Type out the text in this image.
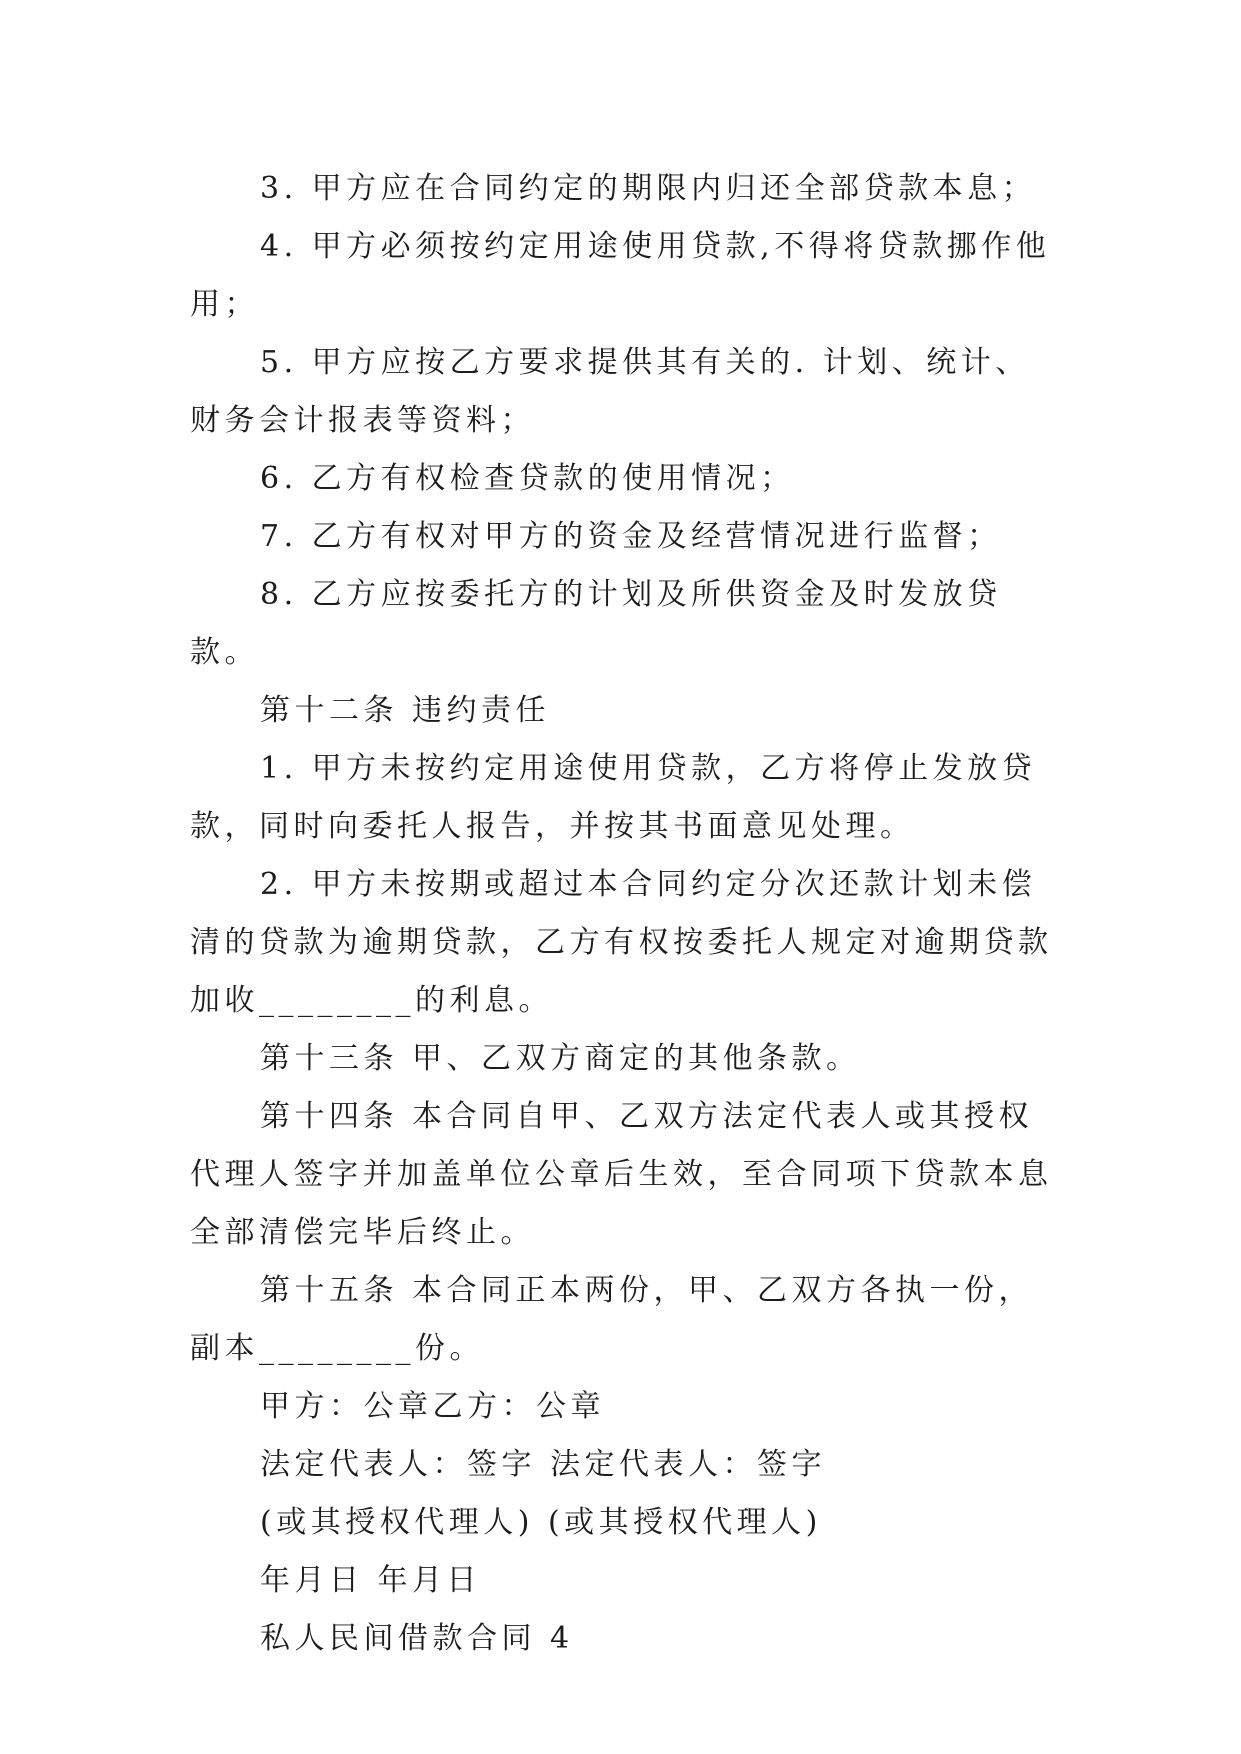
3. 甲方应在合同约定的期限内归还全部贷款本息；

4. 甲方必须按约定用途使用贷款,不得将贷款挪作他用；

5. 甲方应按乙方要求提供其有关的. 计划、统计、财务会计报表等资料；

6. 乙方有权检查贷款的使用情况；

7. 乙方有权对甲方的资金及经营情况进行监督；

8. 乙方应按委托方的计划及所供资金及时发放贷款。

第十二条 违约责任

1. 甲方未按约定用途使用贷款，乙方将停止发放贷款，同时向委托人报告，并按其书面意见处理。

2. 甲方未按期或超过本合同约定分次还款计划未偿清的贷款为逾期贷款，乙方有权按委托人规定对逾期贷款加收________的利息。

第十三条 甲、乙双方商定的其他条款。

第十四条 本合同自甲、乙双方法定代表人或其授权代理人签字并加盖单位公章后生效，至合同项下贷款本息全部清偿完毕后终止。

第十五条 本合同正本两份，甲、乙双方各执一份，副本________份。

甲方：公章乙方：公章

法定代表人：签字 法定代表人：签字

(或其授权代理人) (或其授权代理人)

年月日 年月日

私人民间借款合同 4
